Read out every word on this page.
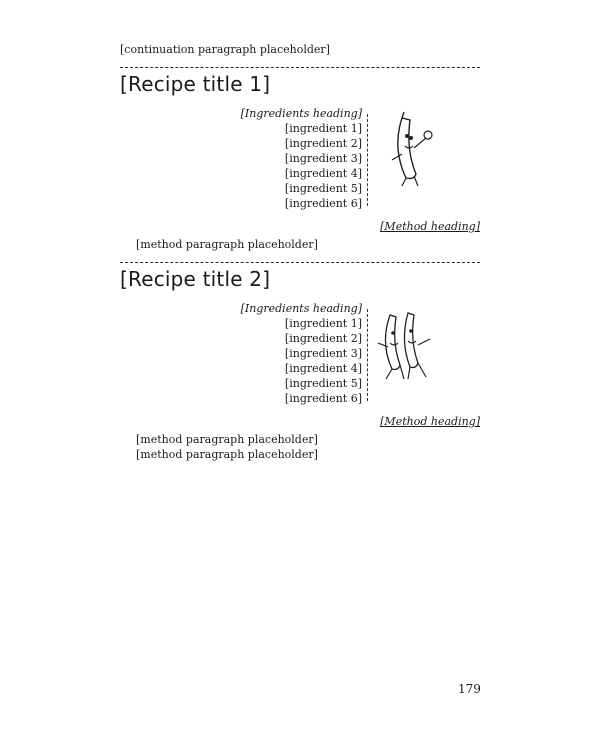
[continuation paragraph placeholder]

[Recipe title 1]
[Ingredients heading]
[ingredient 1]
[ingredient 2]
[ingredient 3]
[ingredient 4]
[ingredient 5]
[ingredient 6]
[Method heading]

[method paragraph placeholder]

[Recipe title 2]
[Ingredients heading]
[ingredient 1]
[ingredient 2]
[ingredient 3]
[ingredient 4]
[ingredient 5]
[ingredient 6]
[Method heading]

[method paragraph placeholder]

[method paragraph placeholder]

179
